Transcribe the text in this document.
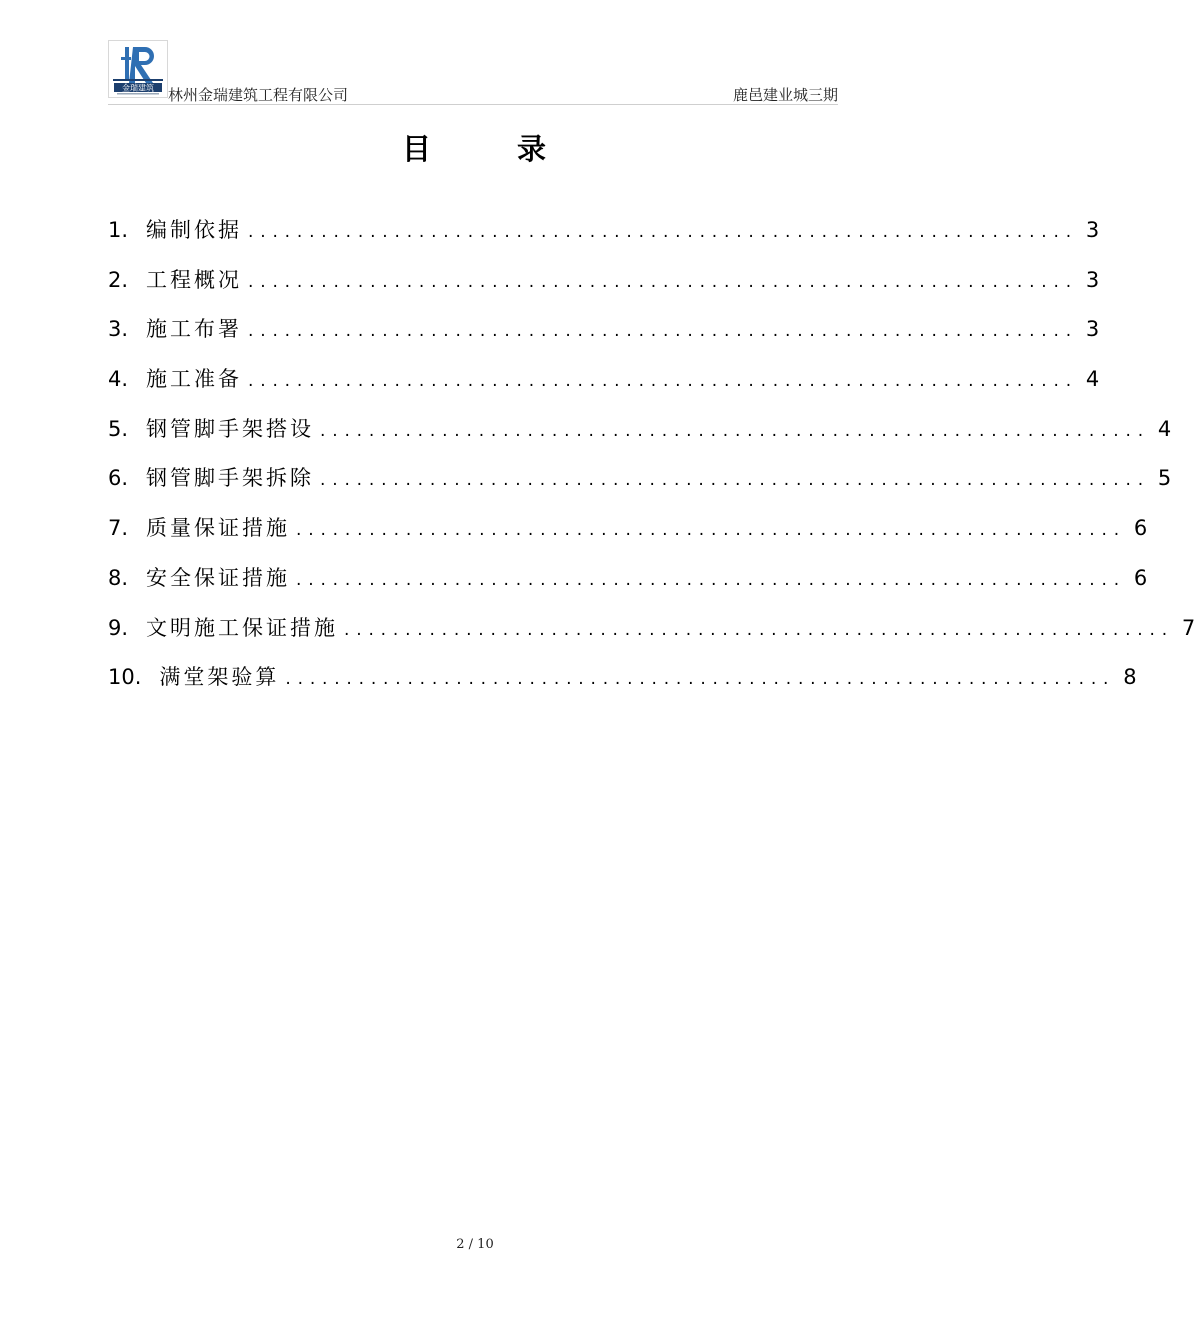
金瑞建筑 林州金瑞建筑工程有限公司	鹿邑建业城三期
目	录
1. 编制依据 .................................................................... 3
2. 工程概况 .................................................................... 3
3. 施工布署 .................................................................... 3
4. 施工准备 .................................................................... 4
5. 钢管脚手架搭设 .................................................................... 4
6. 钢管脚手架拆除 .................................................................... 5
7. 质量保证措施 .................................................................... 6
8. 安全保证措施 .................................................................... 6
9. 文明施工保证措施 .................................................................... 7
10. 满堂架验算 .................................................................... 8
2 / 10
